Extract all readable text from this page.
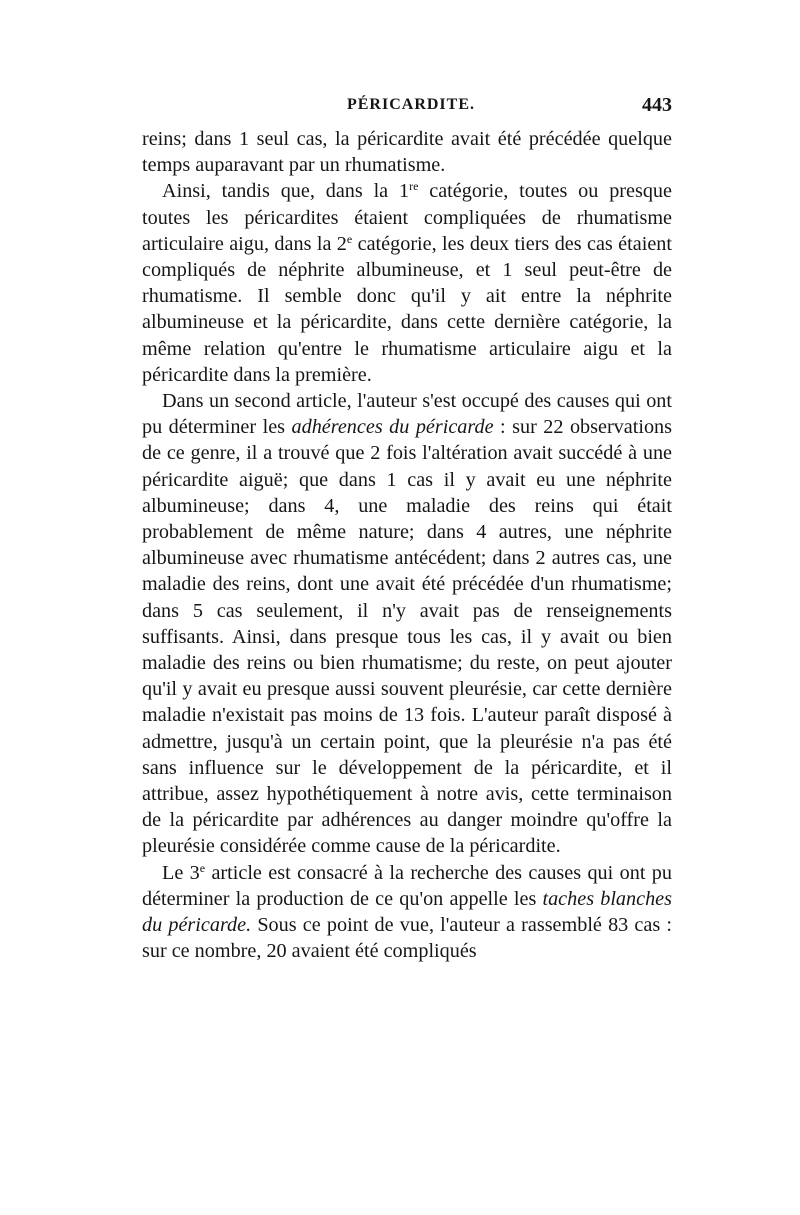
PÉRICARDITE.	443

reins; dans 1 seul cas, la péricardite avait été précédée quelque temps auparavant par un rhumatisme.

Ainsi, tandis que, dans la 1re catégorie, toutes ou presque toutes les péricardites étaient compliquées de rhumatisme articulaire aigu, dans la 2e catégorie, les deux tiers des cas étaient compliqués de néphrite albumineuse, et 1 seul peut-être de rhumatisme. Il semble donc qu'il y ait entre la néphrite albumineuse et la péricardite, dans cette dernière catégorie, la même relation qu'entre le rhumatisme articulaire aigu et la péricardite dans la première.

Dans un second article, l'auteur s'est occupé des causes qui ont pu déterminer les adhérences du péricarde : sur 22 observations de ce genre, il a trouvé que 2 fois l'altération avait succédé à une péricardite aiguë; que dans 1 cas il y avait eu une néphrite albumineuse; dans 4, une maladie des reins qui était probablement de même nature; dans 4 autres, une néphrite albumineuse avec rhumatisme antécédent; dans 2 autres cas, une maladie des reins, dont une avait été précédée d'un rhumatisme; dans 5 cas seulement, il n'y avait pas de renseignements suffisants. Ainsi, dans presque tous les cas, il y avait ou bien maladie des reins ou bien rhumatisme; du reste, on peut ajouter qu'il y avait eu presque aussi souvent pleurésie, car cette dernière maladie n'existait pas moins de 13 fois. L'auteur paraît disposé à admettre, jusqu'à un certain point, que la pleurésie n'a pas été sans influence sur le développement de la péricardite, et il attribue, assez hypothétiquement à notre avis, cette terminaison de la péricardite par adhérences au danger moindre qu'offre la pleurésie considérée comme cause de la péricardite.

Le 3e article est consacré à la recherche des causes qui ont pu déterminer la production de ce qu'on appelle les taches blanches du péricarde. Sous ce point de vue, l'auteur a rassemblé 83 cas : sur ce nombre, 20 avaient été compliqués
